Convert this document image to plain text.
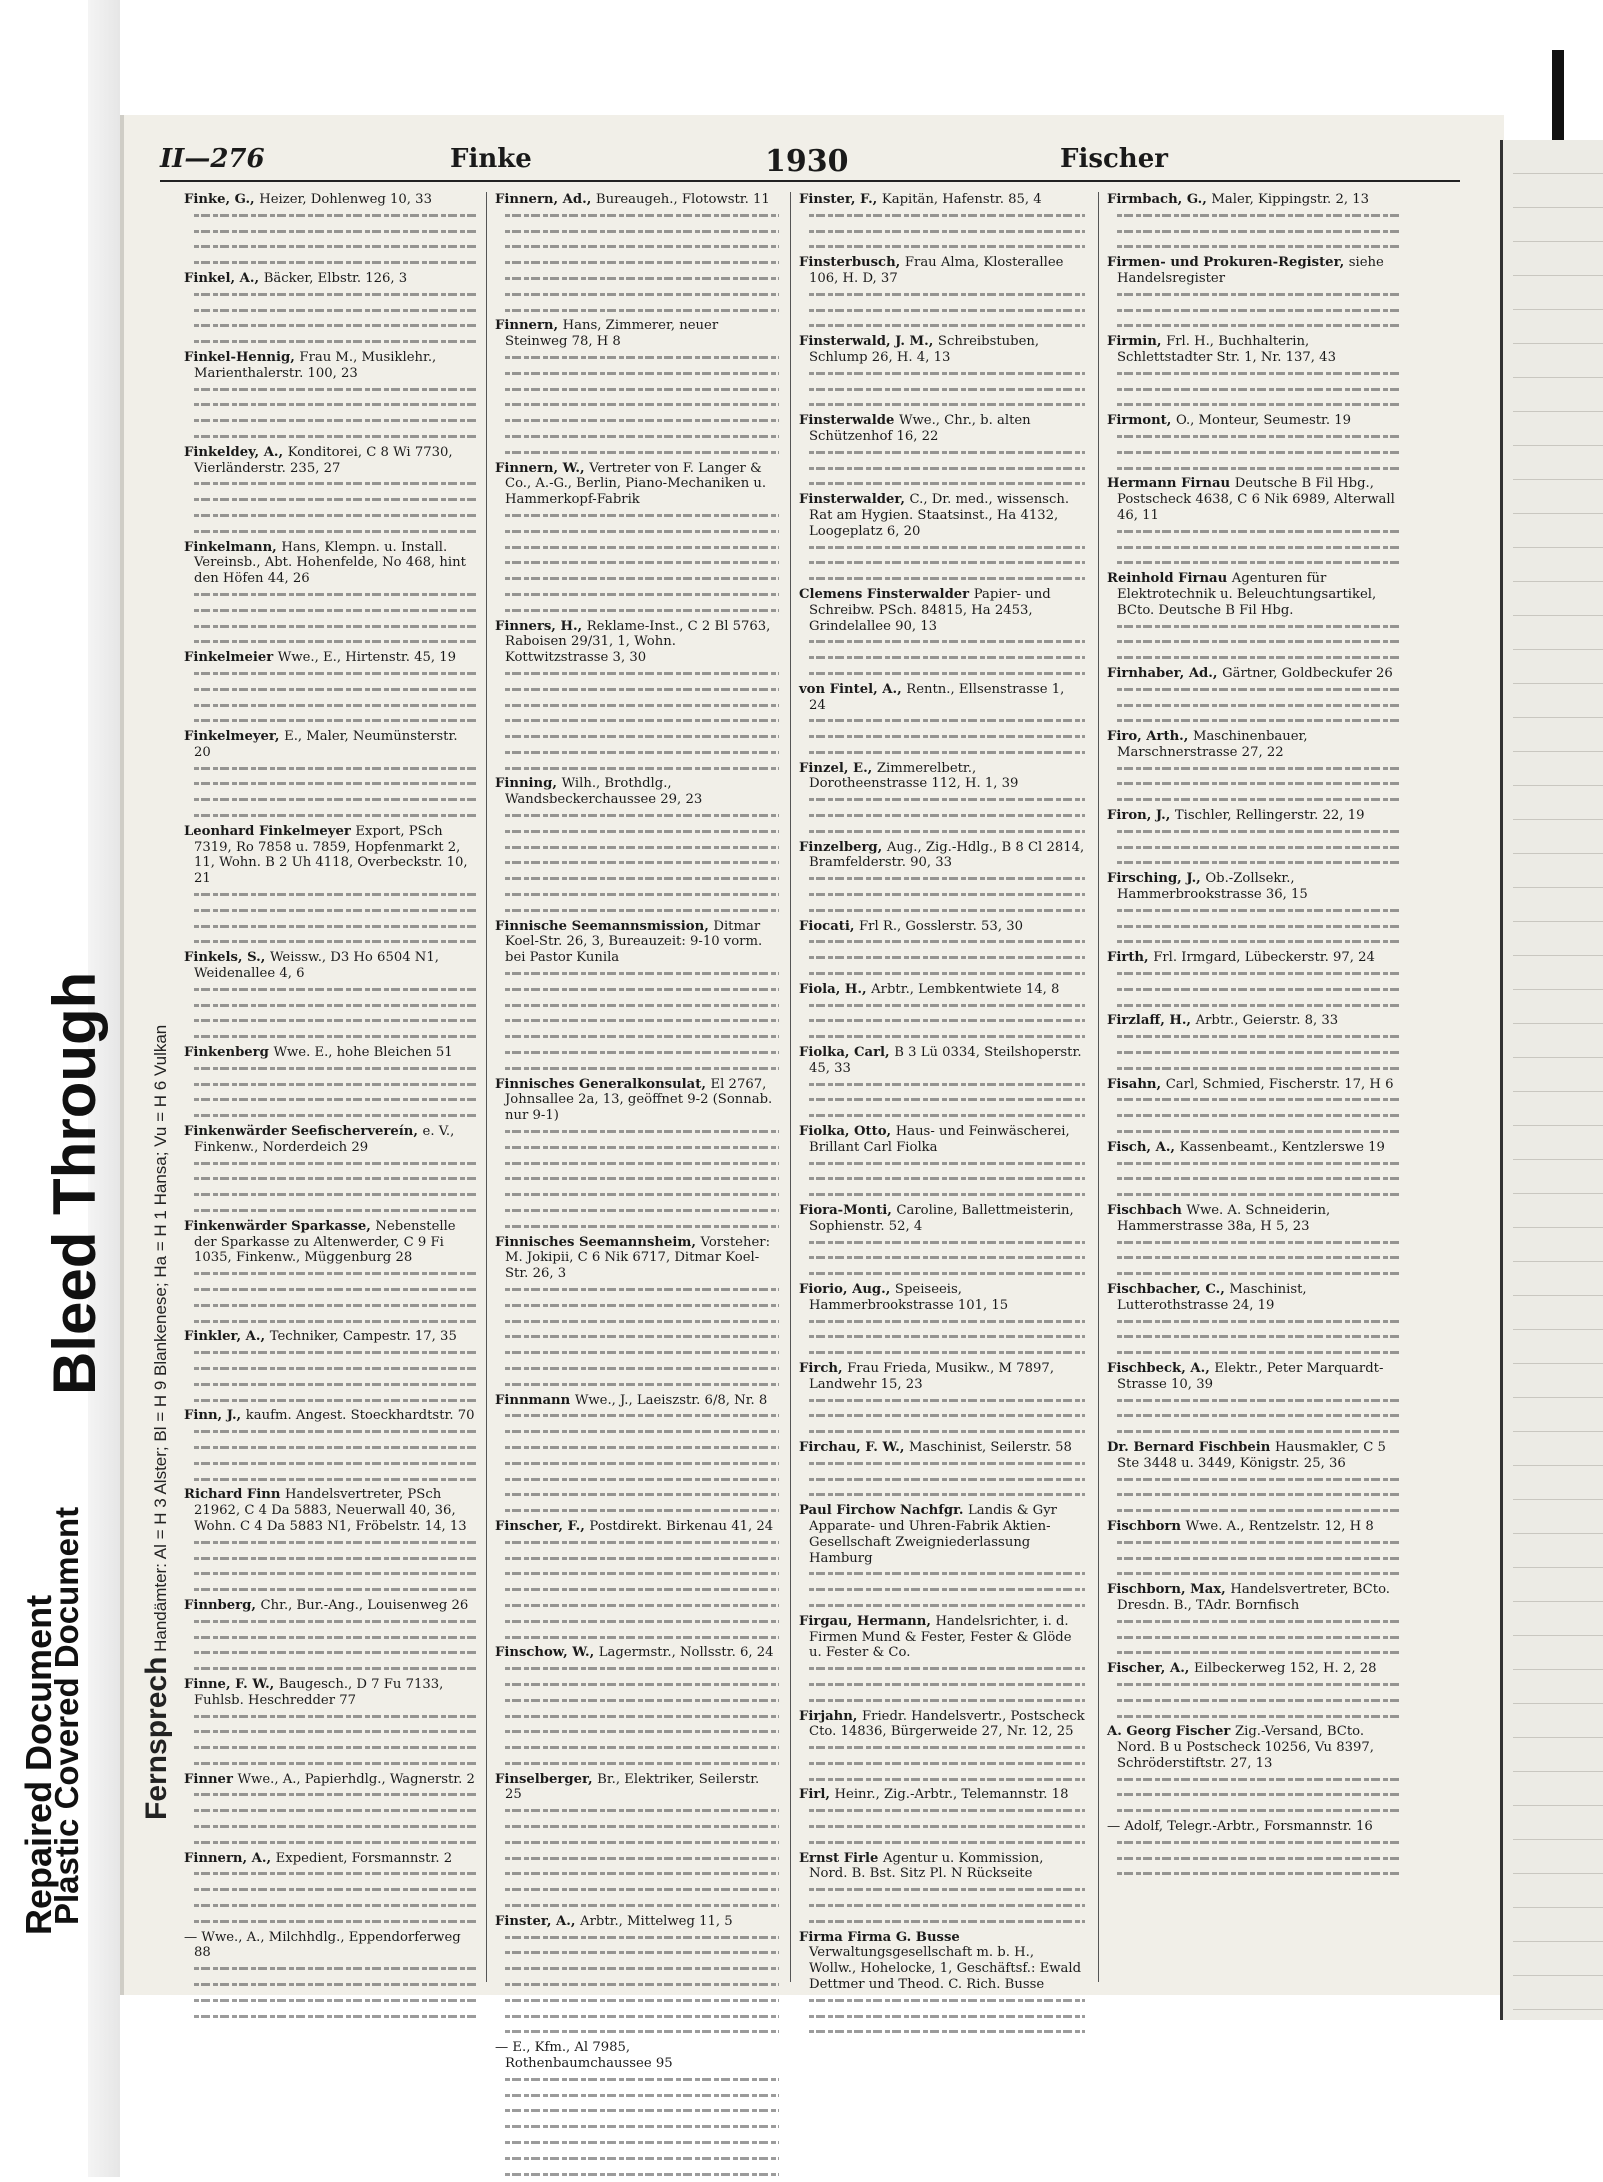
Repaired Document
Plastic Covered Document
Bleed Through
II—276	Finke	1930	Fischer
Fernsprech Handämter: Al = H 3 Alster; Bl = H 9 Blankenese; Ha = H 1 Hansa; Vu = H 6 Vulkan

Finke, G., Heizer, Dohlenweg 10, 33

Finkel, A., Bäcker, Elbstr. 126, 3

Finkel-Hennig, Frau M., Musiklehr., Marienthalerstr. 100, 23

Finkeldey, A., Konditorei, C 8 Wi 7730, Vierländerstr. 235, 27

Finkelmann, Hans, Klempn. u. Install. Vereinsb., Abt. Hohenfelde, No 468, hint den Höfen 44, 26

Finkelmeier Wwe., E., Hirtenstr. 45, 19

Finkelmeyer, E., Maler, Neumünsterstr. 20

Leonhard Finkelmeyer Export, PSch 7319, Ro 7858 u. 7859, Hopfenmarkt 2, 11, Wohn. B 2 Uh 4118, Overbeckstr. 10, 21

Finkels, S., Weissw., D3 Ho 6504 N1, Weidenallee 4, 6

Finkenberg Wwe. E., hohe Bleichen 51

Finkenwärder Seefischervereín, e. V., Finkenw., Norderdeich 29

Finkenwärder Sparkasse, Nebenstelle der Sparkasse zu Altenwerder, C 9 Fi 1035, Finkenw., Müggenburg 28

Finkler, A., Techniker, Campestr. 17, 35

Finn, J., kaufm. Angest. Stoeckhardtstr. 70

Richard Finn Handelsvertreter, PSch 21962, C 4 Da 5883, Neuerwall 40, 36, Wohn. C 4 Da 5883 N1, Fröbelstr. 14, 13

Finnberg, Chr., Bur.-Ang., Louisenweg 26

Finne, F. W., Baugesch., D 7 Fu 7133, Fuhlsb. Heschredder 77

Finner Wwe., A., Papierhdlg., Wagnerstr. 2

Finnern, A., Expedient, Forsmannstr. 2

— Wwe., A., Milchhdlg., Eppendorferweg 88

Finnern, Ad., Bureaugeh., Flotowstr. 11

Finnern, Hans, Zimmerer, neuer Steinweg 78, H 8

Finnern, W., Vertreter von F. Langer & Co., A.-G., Berlin, Piano-Mechaniken u. Hammerkopf-Fabrik

Finners, H., Reklame-Inst., C 2 Bl 5763, Raboisen 29/31, 1, Wohn. Kottwitzstrasse 3, 30

Finning, Wilh., Brothdlg., Wandsbeckerchaussee 29, 23

Finnische Seemannsmission, Ditmar Koel-Str. 26, 3, Bureauzeit: 9-10 vorm. bei Pastor Kunila

Finnisches Generalkonsulat, El 2767, Johnsallee 2a, 13, geöffnet 9-2 (Sonnab. nur 9-1)

Finnisches Seemannsheim, Vorsteher: M. Jokipii, C 6 Nik 6717, Ditmar Koel-Str. 26, 3

Finnmann Wwe., J., Laeiszstr. 6/8, Nr. 8

Finscher, F., Postdirekt. Birkenau 41, 24

Finschow, W., Lagermstr., Nollsstr. 6, 24

Finselberger, Br., Elektriker, Seilerstr. 25

Finster, A., Arbtr., Mittelweg 11, 5

— E., Kfm., Al 7985, Rothenbaumchaussee 95

Finster, F., Kapitän, Hafenstr. 85, 4

Finsterbusch, Frau Alma, Klosterallee 106, H. D, 37

Finsterwald, J. M., Schreibstuben, Schlump 26, H. 4, 13

Finsterwalde Wwe., Chr., b. alten Schützenhof 16, 22

Finsterwalder, C., Dr. med., wissensch. Rat am Hygien. Staatsinst., Ha 4132, Loogeplatz 6, 20

Clemens Finsterwalder Papier- und Schreibw. PSch. 84815, Ha 2453, Grindelallee 90, 13

von Fintel, A., Rentn., Ellsenstrasse 1, 24

Finzel, E., Zimmerelbetr., Dorotheenstrasse 112, H. 1, 39

Finzelberg, Aug., Zig.-Hdlg., B 8 Cl 2814, Bramfelderstr. 90, 33

Fiocati, Frl R., Gosslerstr. 53, 30

Fiola, H., Arbtr., Lembkentwiete 14, 8

Fiolka, Carl, B 3 Lü 0334, Steilshoperstr. 45, 33

Fiolka, Otto, Haus- und Feinwäscherei, Brillant Carl Fiolka

Fiora-Monti, Caroline, Ballettmeisterin, Sophienstr. 52, 4

Fiorio, Aug., Speiseeis, Hammerbrookstrasse 101, 15

Firch, Frau Frieda, Musikw., M 7897, Landwehr 15, 23

Firchau, F. W., Maschinist, Seilerstr. 58

Paul Firchow Nachfgr. Landis & Gyr Apparate- und Uhren-Fabrik Aktien-Gesellschaft Zweigniederlassung Hamburg

Firgau, Hermann, Handelsrichter, i. d. Firmen Mund & Fester, Fester & Glöde u. Fester & Co.

Firjahn, Friedr. Handelsvertr., Postscheck Cto. 14836, Bürgerweide 27, Nr. 12, 25

Firl, Heinr., Zig.-Arbtr., Telemannstr. 18

Ernst Firle Agentur u. Kommission, Nord. B. Bst. Sitz Pl. N Rückseite

Firma Firma G. Busse Verwaltungsgesellschaft m. b. H., Wollw., Hohelocke, 1, Geschäftsf.: Ewald Dettmer und Theod. C. Rich. Busse

Firmbach, G., Maler, Kippingstr. 2, 13

Firmen- und Prokuren-Register, siehe Handelsregister

Firmin, Frl. H., Buchhalterin, Schlettstadter Str. 1, Nr. 137, 43

Firmont, O., Monteur, Seumestr. 19

Hermann Firnau Deutsche B Fil Hbg., Postscheck 4638, C 6 Nik 6989, Alterwall 46, 11

Reinhold Firnau Agenturen für Elektrotechnik u. Beleuchtungsartikel, BCto. Deutsche B Fil Hbg.

Firnhaber, Ad., Gärtner, Goldbeckufer 26

Firo, Arth., Maschinenbauer, Marschnerstrasse 27, 22

Firon, J., Tischler, Rellingerstr. 22, 19

Firsching, J., Ob.-Zollsekr., Hammerbrookstrasse 36, 15

Firth, Frl. Irmgard, Lübeckerstr. 97, 24

Firzlaff, H., Arbtr., Geierstr. 8, 33

Fisahn, Carl, Schmied, Fischerstr. 17, H 6

Fisch, A., Kassenbeamt., Kentzlerswe 19

Fischbach Wwe. A. Schneiderin, Hammerstrasse 38a, H 5, 23

Fischbacher, C., Maschinist, Lutterothstrasse 24, 19

Fischbeck, A., Elektr., Peter Marquardt-Strasse 10, 39

Dr. Bernard Fischbein Hausmakler, C 5 Ste 3448 u. 3449, Königstr. 25, 36

Fischborn Wwe. A., Rentzelstr. 12, H 8

Fischborn, Max, Handelsvertreter, BCto. Dresdn. B., TAdr. Bornfisch

Fischer, A., Eilbeckerweg 152, H. 2, 28

A. Georg Fischer Zig.-Versand, BCto. Nord. B u Postscheck 10256, Vu 8397, Schröderstiftstr. 27, 13

— Adolf, Telegr.-Arbtr., Forsmannstr. 16
